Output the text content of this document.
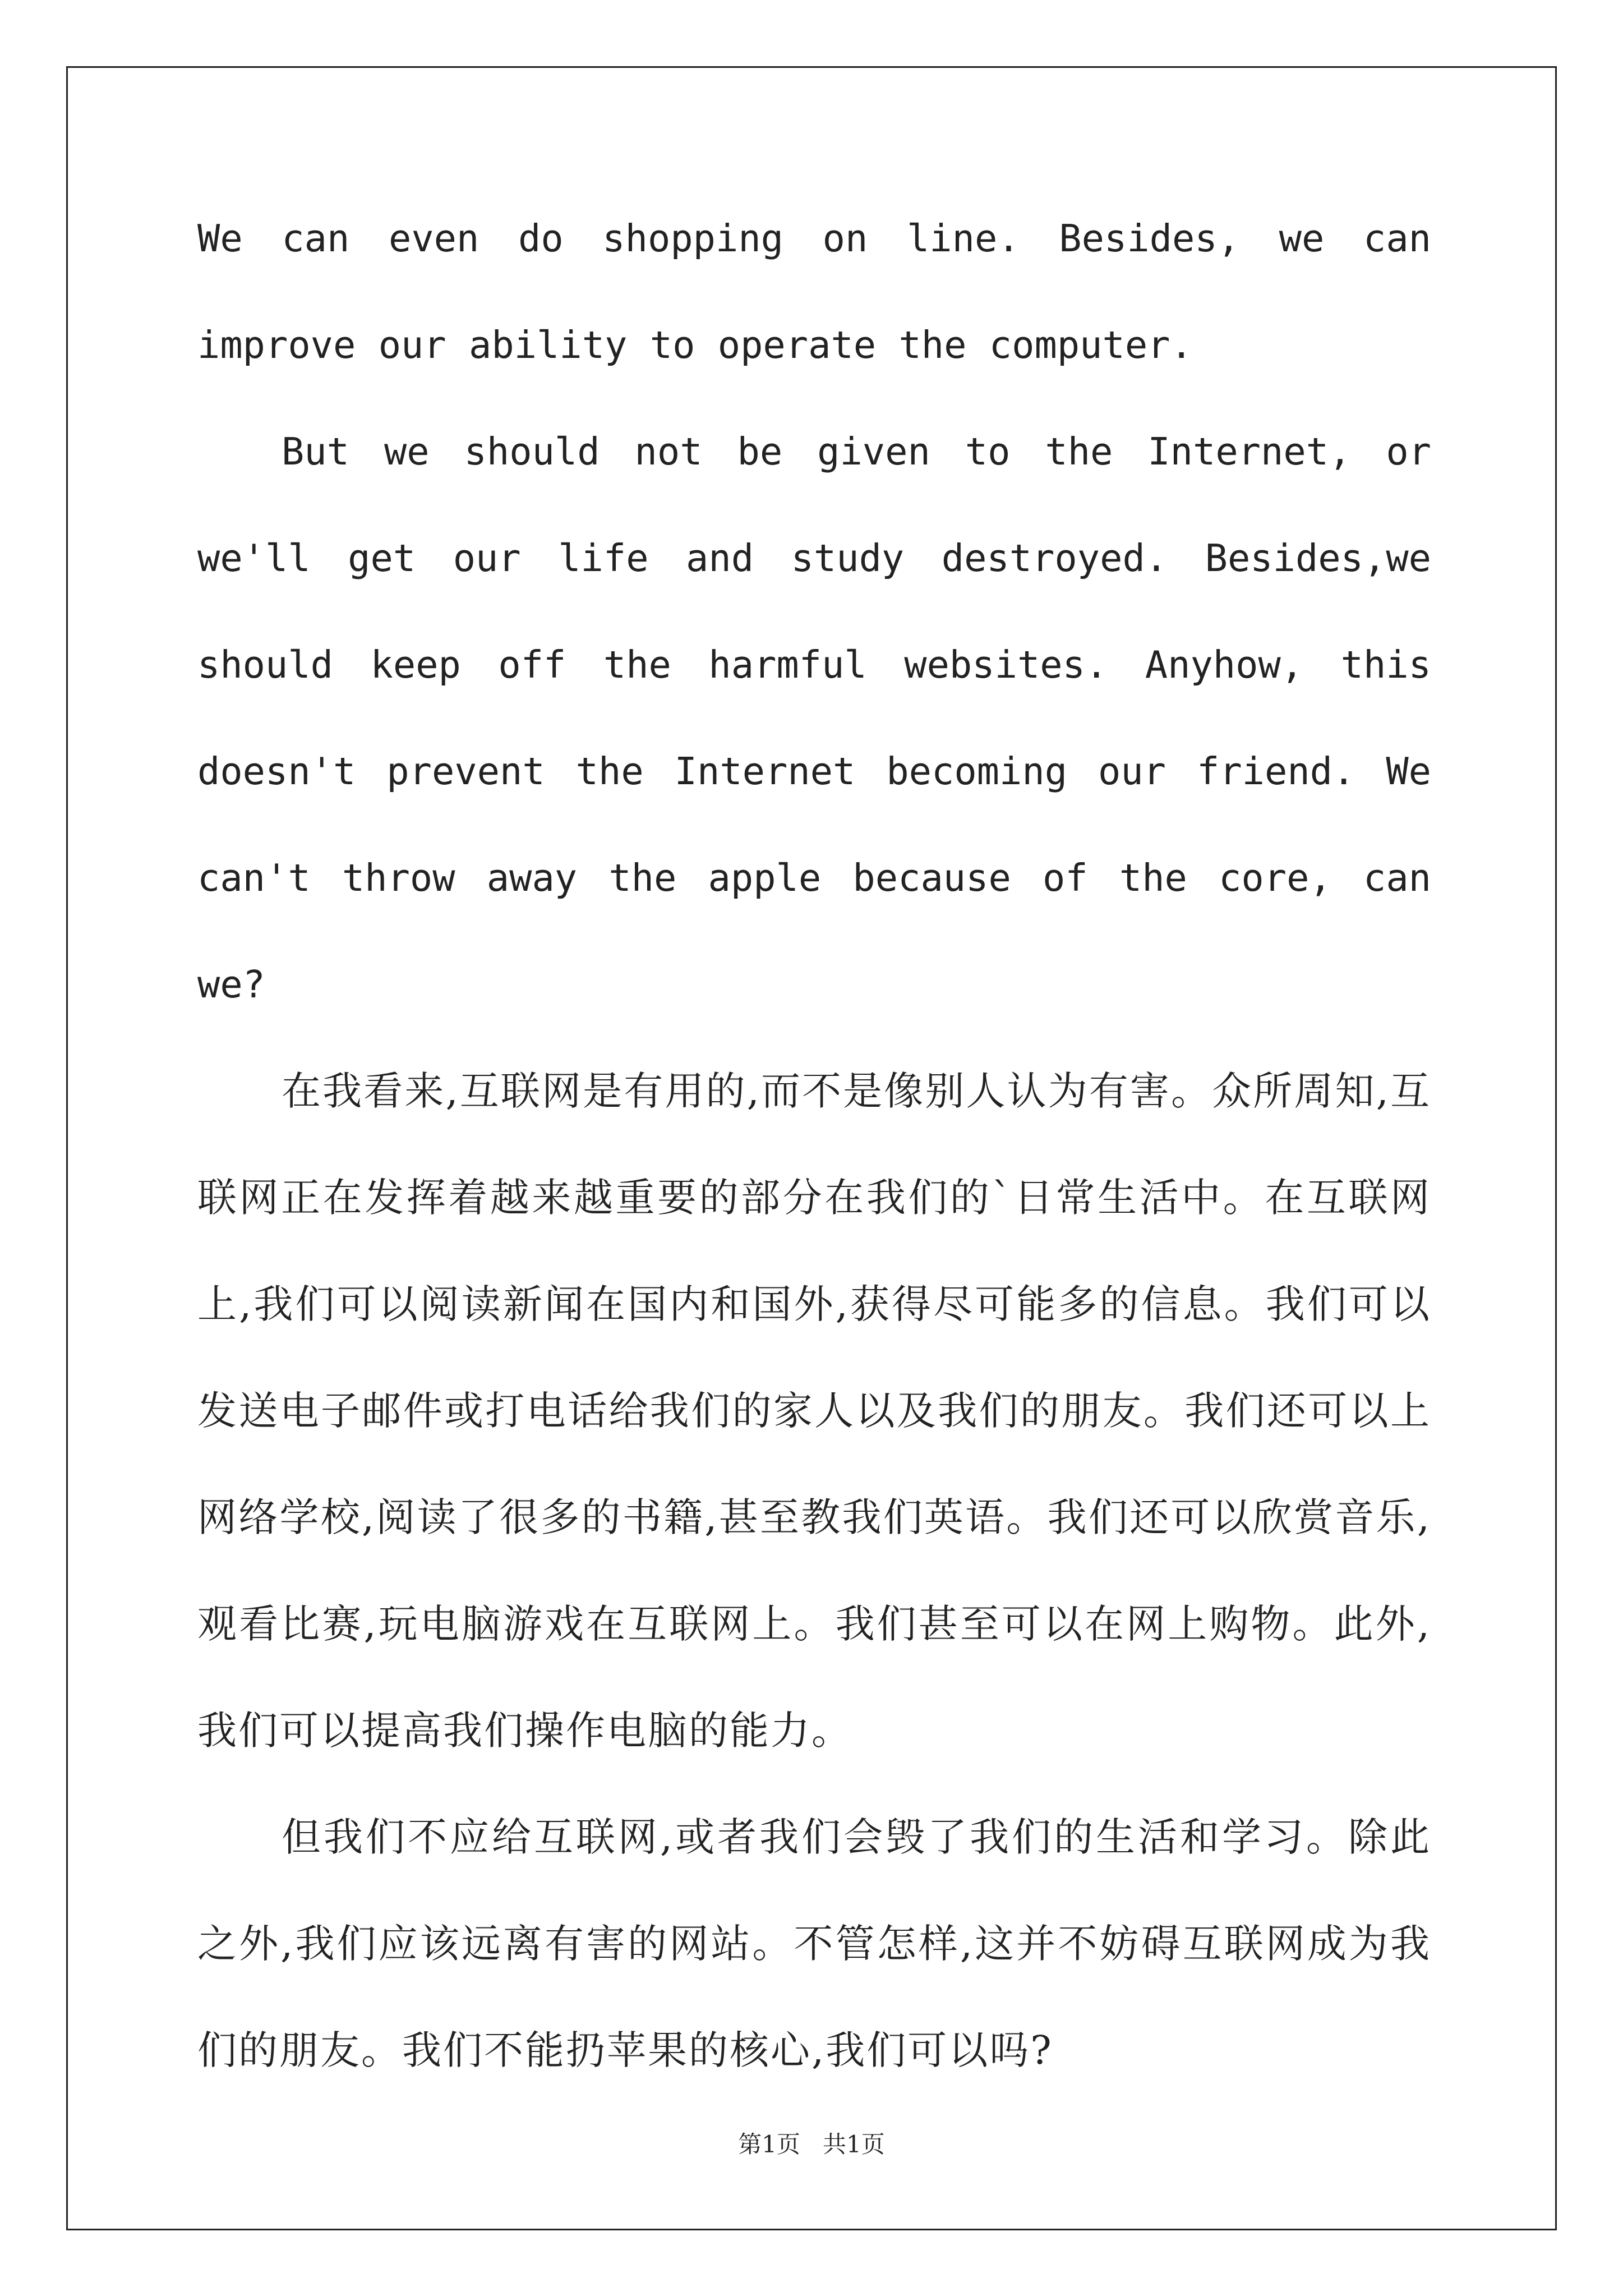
We can even do shopping on line. Besides, we can improve our ability to operate the computer.

But we should not be given to the Internet, or we'll get our life and study destroyed. Besides,we should keep off the harmful websites. Anyhow, this doesn't prevent the Internet becoming our friend. We can't throw away the apple because of the core, can we?

在我看来,互联网是有用的,而不是像别人认为有害。众所周知,互联网正在发挥着越来越重要的部分在我们的`日常生活中。在互联网上,我们可以阅读新闻在国内和国外,获得尽可能多的信息。我们可以发送电子邮件或打电话给我们的家人以及我们的朋友。我们还可以上网络学校,阅读了很多的书籍,甚至教我们英语。我们还可以欣赏音乐,观看比赛,玩电脑游戏在互联网上。我们甚至可以在网上购物。此外,我们可以提高我们操作电脑的能力。

但我们不应给互联网,或者我们会毁了我们的生活和学习。除此之外,我们应该远离有害的网站。不管怎样,这并不妨碍互联网成为我们的朋友。我们不能扔苹果的核心,我们可以吗?

第1页   共1页
